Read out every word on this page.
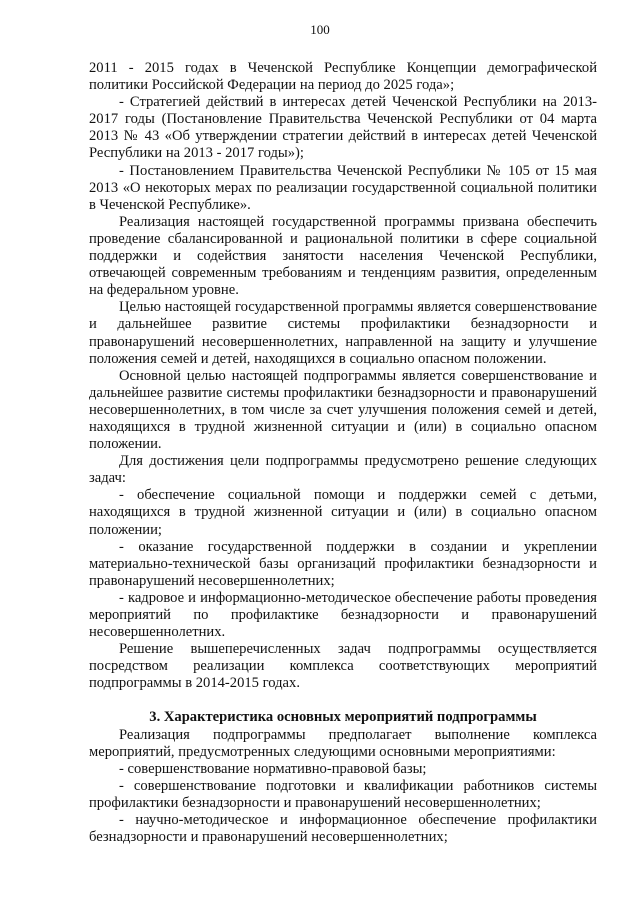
100

2011 - 2015 годах в Чеченской Республике Концепции демографической политики Российской Федерации на период до 2025 года»;

- Стратегией действий в интересах детей Чеченской Республики на 2013-2017 годы (Постановление Правительства Чеченской Республики от 04 марта 2013 № 43 «Об утверждении стратегии действий в интересах детей Чеченской Республики на 2013 - 2017 годы»);

- Постановлением Правительства Чеченской Республики № 105 от 15 мая 2013 «О некоторых мерах по реализации государственной социальной политики в Чеченской Республике».

Реализация настоящей государственной программы призвана обеспечить проведение сбалансированной и рациональной политики в сфере социальной поддержки и содействия занятости населения Чеченской Республики, отвечающей современным требованиям и тенденциям развития, определенным на федеральном уровне.

Целью настоящей государственной программы является совершенствование и дальнейшее развитие системы профилактики безнадзорности и правонарушений несовершеннолетних, направленной на защиту и улучшение положения семей и детей, находящихся в социально опасном положении.

Основной целью настоящей подпрограммы является совершенствование и дальнейшее развитие системы профилактики безнадзорности и правонарушений несовершеннолетних, в том числе за счет улучшения положения семей и детей, находящихся в трудной жизненной ситуации и (или) в социально опасном положении.

Для достижения цели подпрограммы предусмотрено решение следующих задач:

- обеспечение социальной помощи и поддержки семей с детьми, находящихся в трудной жизненной ситуации и (или) в социально опасном положении;

- оказание государственной поддержки в создании и укреплении материально-технической базы организаций профилактики безнадзорности и правонарушений несовершеннолетних;

- кадровое и информационно-методическое обеспечение работы проведения мероприятий по профилактике безнадзорности и правонарушений несовершеннолетних.

Решение вышеперечисленных задач подпрограммы осуществляется посредством реализации комплекса соответствующих мероприятий подпрограммы в 2014-2015 годах.

3. Характеристика основных мероприятий подпрограммы

Реализация подпрограммы предполагает выполнение комплекса мероприятий, предусмотренных следующими основными мероприятиями:

- совершенствование нормативно-правовой базы;

- совершенствование подготовки и квалификации работников системы профилактики безнадзорности и правонарушений несовершеннолетних;

- научно-методическое и информационное обеспечение профилактики безнадзорности и правонарушений несовершеннолетних;
